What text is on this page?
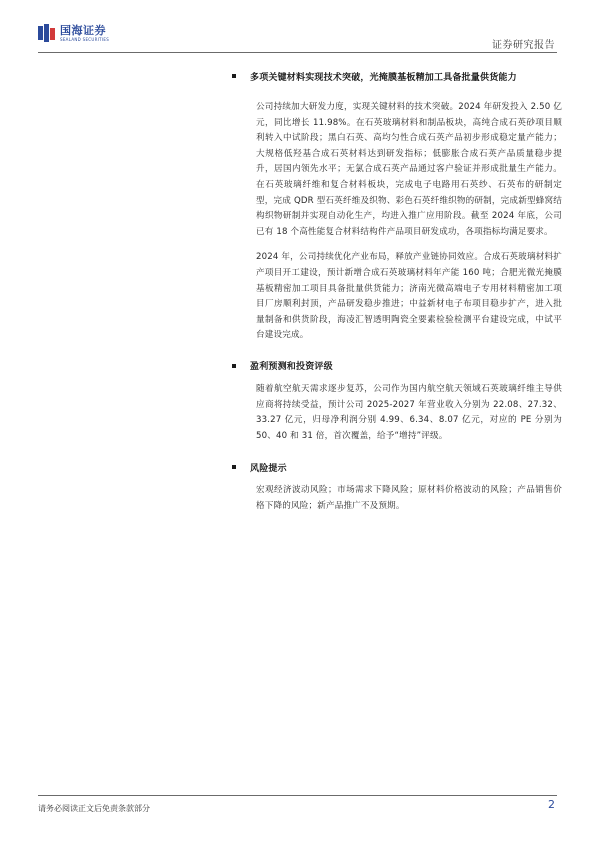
国海证券
SEALAND SECURITIES
证券研究报告
多项关键材料实现技术突破，光掩膜基板精加工具备批量供货能力

公司持续加大研发力度，实现关键材料的技术突破。2024 年研发投入 2.50 亿元，同比增长 11.98%。在石英玻璃材料和制品板块，高纯合成石英砂项目顺利转入中试阶段；黑白石英、高均匀性合成石英产品初步形成稳定量产能力；大规格低羟基合成石英材料达到研发指标；低膨胀合成石英产品质量稳步提升，居国内领先水平；无氯合成石英产品通过客户验证并形成批量生产能力。在石英玻璃纤维和复合材料板块，完成电子电路用石英纱、石英布的研制定型，完成 QDR 型石英纤维及织物、彩色石英纤维织物的研制，完成新型蜂窝结构织物研制并实现自动化生产，均进入推广应用阶段。截至 2024 年底，公司已有 18 个高性能复合材料结构件产品项目研发成功，各项指标均满足要求。

2024 年，公司持续优化产业布局，释放产业链协同效应。合成石英玻璃材料扩产项目开工建设，预计新增合成石英玻璃材料年产能 160 吨；合肥光微光掩膜基板精密加工项目具备批量供货能力；济南光微高端电子专用材料精密加工项目厂房顺利封顶，产品研发稳步推进；中益新材电子布项目稳步扩产，进入批量制备和供货阶段，海凌汇智透明陶瓷全要素检验检测平台建设完成，中试平台建设完成。

盈利预测和投资评级

随着航空航天需求逐步复苏，公司作为国内航空航天领域石英玻璃纤维主导供应商将持续受益，预计公司 2025-2027 年营业收入分别为 22.08、27.32、33.27 亿元，归母净利润分别 4.99、6.34、8.07 亿元，对应的 PE 分别为 50、40 和 31 倍，首次覆盖，给予“增持”评级。

风险提示

宏观经济波动风险；市场需求下降风险；原材料价格波动的风险；产品销售价格下降的风险；新产品推广不及预期。

请务必阅读正文后免责条款部分	2
